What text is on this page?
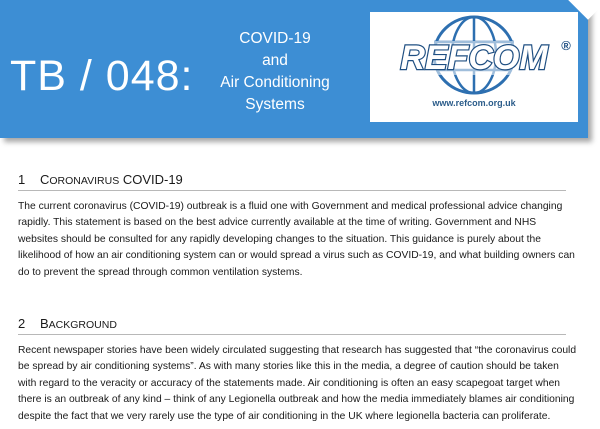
TB / 048:
COVID-19
and
Air Conditioning
Systems
REFCOM ®
www.refcom.org.uk
1 CORONAVIRUS COVID-19
The current coronavirus (COVID-19) outbreak is a fluid one with Government and medical professional advice changing rapidly. This statement is based on the best advice currently available at the time of writing. Government and NHS websites should be consulted for any rapidly developing changes to the situation. This guidance is purely about the likelihood of how an air conditioning system can or would spread a virus such as COVID-19, and what building owners can do to prevent the spread through common ventilation systems.
2 BACKGROUND
Recent newspaper stories have been widely circulated suggesting that research has suggested that “the coronavirus could be spread by air conditioning systems”. As with many stories like this in the media, a degree of caution should be taken with regard to the veracity or accuracy of the statements made. Air conditioning is often an easy scapegoat target when there is an outbreak of any kind – think of any Legionella outbreak and how the media immediately blames air conditioning despite the fact that we very rarely use the type of air conditioning in the UK where legionella bacteria can proliferate.
